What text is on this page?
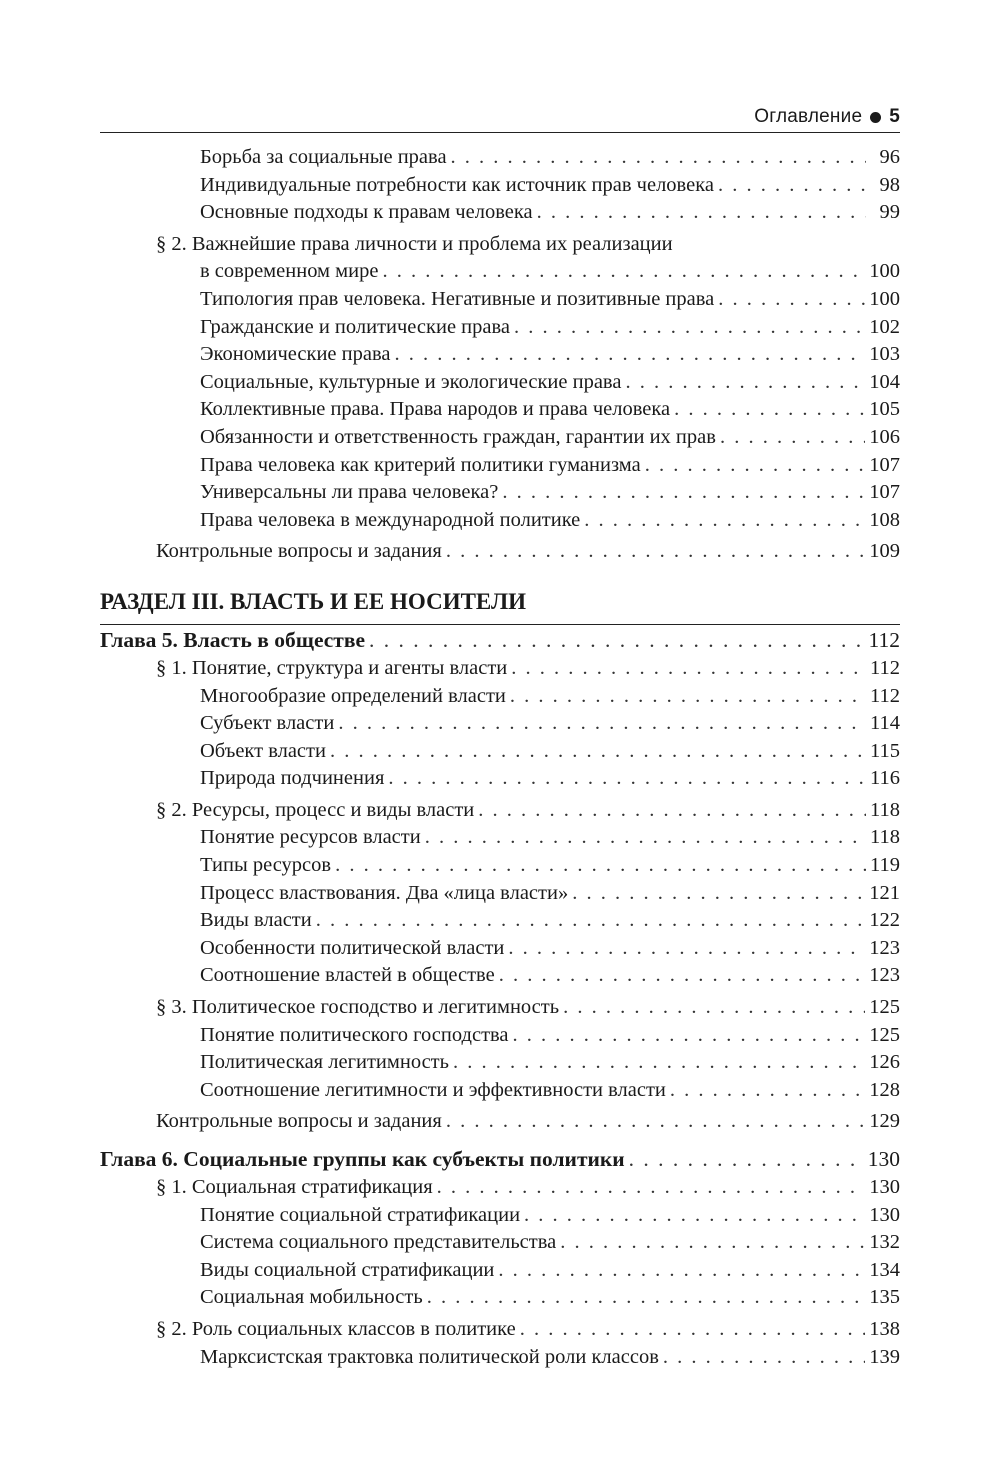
Оглавление 5
Борьба за социальные права . . .	96
Индивидуальные потребности как источник прав человека . . .	98
Основные подходы к правам человека . . .	99
§ 2. Важнейшие права личности и проблема их реализации
в современном мире . . .	100
Типология прав человека. Негативные и позитивные права . . .	100
Гражданские и политические права . . .	102
Экономические права . . .	103
Социальные, культурные и экологические права . . .	104
Коллективные права. Права народов и права человека . . .	105
Обязанности и ответственность граждан, гарантии их прав . . .	106
Права человека как критерий политики гуманизма . . .	107
Универсальны ли права человека? . . .	107
Права человека в международной политике . . .	108
Контрольные вопросы и задания . . .	109
РАЗДЕЛ III. ВЛАСТЬ И ЕЕ НОСИТЕЛИ
Глава 5. Власть в обществе . . .	112
§ 1. Понятие, структура и агенты власти . . .	112
Многообразие определений власти . . .	112
Субъект власти . . .	114
Объект власти . . .	115
Природа подчинения . . .	116
§ 2. Ресурсы, процесс и виды власти . . .	118
Понятие ресурсов власти . . .	118
Типы ресурсов . . .	119
Процесс властвования. Два «лица власти» . . .	121
Виды власти . . .	122
Особенности политической власти . . .	123
Соотношение властей в обществе . . .	123
§ 3. Политическое господство и легитимность . . .	125
Понятие политического господства . . .	125
Политическая легитимность . . .	126
Соотношение легитимности и эффективности власти . . .	128
Контрольные вопросы и задания . . .	129
Глава 6. Социальные группы как субъекты политики . . .	130
§ 1. Социальная стратификация . . .	130
Понятие социальной стратификации . . .	130
Система социального представительства . . .	132
Виды социальной стратификации . . .	134
Социальная мобильность . . .	135
§ 2. Роль социальных классов в политике . . .	138
Марксистская трактовка политической роли классов . . .	139
